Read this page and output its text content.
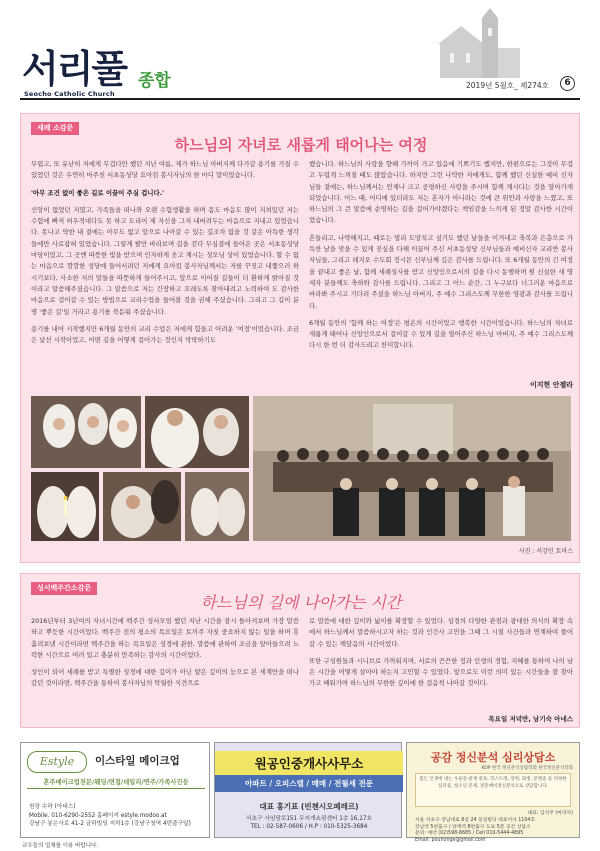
서리풀
Seocho Catholic Church
종합	2019년 5월호_ 제274호	6
세례 소감문
하느님의 자녀로 새롭게 태어나는 여정

무럽고, 또 유난히 저에게 무겁다만 했던 지난 여름, 제가 하느님 아버지께 다가갈 용기를 가질 수 있었던 것은 우연히 마주친 서초동성당 요아킴 봉사자님의 한 마디 말이었습니다.

'아무 조건 없이 좋은 길로 이끌어 주실 겁니다.'

신앙이 없었던 저였고, 가족들을 떠나와 오랜 수험생활을 하며 몸도 마음도 많이 지쳐있던 저는 수험에 빠져 허우적대다도 못 하고 도리어 제 자신을 그저 내버려두는 마음으로 지내고 있었습니다. 못나고 약한 내 곁에는 아무도 없고 앞으로 나아갈 수 있는 길조차 없을 것 같은 아득한 생각들에만 사로잡혀 있었습니다. 그렇게 팔만 바라보며 길을 걷다 무심결에 들어온 곳은 서초동성당 마당이었고, 그 곳엔 따뜻한 빛을 받으며 인자하게 웃고 계시는 성모님 상이 있었습니다. 할 수 없는 마음으로 깜깜한 성당에 들어서려던 저에게 요아킴 봉사자님께서는 저를 꾸짖고 내쫓으러 하시기보다, 사소한 저의 말들을 따뜻하게 들어주시고, 앞으로 이어질 길들이 더 환하게 밝아질 것이라고 말씀해주셨습니다. 그 말씀으로 저는 간장하고 오래도록 찾아내려고 노력하여 도 감사한 마음으로 걸어갈 수 있는 방법으로 교리수업을 들어볼 것을 권해 주셨습니다. 그리고 그 길이 분명 '좋은 길'일 거라고 용기를 북돋워 주셨습니다.

용기를 내어 시작했지만 6개월 동안의 교리 수업은 저에게 힘들고 어려운 '여정'이었습니다. 조금은 낯선 시작이었고, 어떤 길을 어떻게 걸어가는 것인지 막막하기도

했습니다. 하느님의 사랑을 향해 가까이 가고 있음에 기쁘기도 했지만, 한편으로는 그것이 무겁고 두렵게 느껴질 때도 많았습니다. 하지만 그런 나약한 저에게도, 함께 했던 신실한 예비 신자님들 곁에는, 하느님께서는 언제나 크고 공평하신 사랑을 주시며 함께 계시다는 것을 알아가게 되었습니다. 어느 때, 어디에 있더라도 저는 혼자가 아니라는 것에 큰 위안과 사랑을 느꼈고, 또 하느님의 그 큰 말씀에 순명하는 길을 걸어가야겠다는 책임감을 느끼게 된 정말 감사한 시간이었습니다.

흔들리고, 나약해지고, 때로는 멀리 도망치고 싶기도 했던 날들을 이겨내고 축복과 은총으로 가득찬 날을 맞을 수 있게 진심을 다해 이끌어 주신 서초동성당 신부님들과 예비신자 교리반 봉사자님들, 그리고 레지오 수도회 정시몬 신부님께 깊은 감사를 드립니다. 또 6개월 동안의 긴 여정을 끝내고 좋은 날, 함께 세례성사를 받고 신앙인으로서의 길을 다시 동행하며 원 신실한 새 영세자 분들께도 축하와 감사를 드립니다. 그리고 그 어느 순간, 그 누구보다 너그러운 마음으로 바라봐 주시고 기다려 주셨을 하느님 아버지, 주 예수 그리스도께 무한한 영광과 감사를 드립니다.

6개월 동안의 '함께 하는 여정'은 평온의 시간이었고 행복한 시간이었습니다. 하느님의 자녀로 새롭게 태어나 신앙인으로서 걸어갈 수 있게 길을 열어주신 하느님 아버지, 주 예수 그리스도께 다시 한 번 더 감사드리고 찬미합니다.

이지현 안젤라
사진 : 서감민 토마스
성서백주간소감문
하느님의 길에 나아가는 시간

2016년부터 3년여의 자녀시간에 백주간 성서모임 했던 지난 시간을 잠시 돌아켜보며 가장 말씀하고 뿌듯한 시간이었다. 백주간 전의 평소의 목요일은 토끼주 자칫 중요하지 않는 일을 하며 휴 흘려보낸 시간이라면 백주간을 하는 목요일은 성경에 관한, 말씀에 관하여 조금을 알아들으려 노력한 시간으로 여러 있고 충분히 만족하는 감사의 시간이었다.

성인이 되어 세례를 받고 특별한 성경에 대한 깊이가 아닌 얕은 깊이의 눈으로 본 세계만을 떠나 갔던 것이라면, 백주간을 통하여 봉사자님의 탁월한 식견으로

로 말씀에 대한 깊이와 넓이를 확장할 수 있었다. 성경의 다양한 관점과 광대한 의식의 확장 속에서 하느님께서 말씀하시고자 하는 것과 인간사 고민을 그때 그 시절 사건들과 연계하여 풀어갈 수 있는 깨달음의 시간이었다.

또한 구성원들과 시니브로 가까워지며, 서로의 끈끈한 정과 인생의 경험, 지혜를 통하여 나의 남은 시간을 어떻게 살아야 하는지 고민할 수 있었다. 앞으로도 이런 의미 있는 시간들을 잘 찾아가고 배워가며 하느님의 무한한 깊이에 한 걸음씩 나아갈 것이다.

목요일 저녁반, 남기숙 아네스
Estyle	이스타일 메이크업
혼주메이크업전문/웨딩/면접/데일리/연주/가족사진등
원장 수하 (아네스)
Mobile. 010-6290-2552 홈페이지 estyle.modoo.at
강남구 봉은사로 41-2 금하빌딩 지하1층 (강남구청역 4번출구앞)
원공인중개사사무소
아파트 / 오피스텔 / 매매 / 전월세 전문
대표 홍기표 (빈첸시오페레르)
서초구 사임당로151 무지개쇼핑센터 1층 16,17호
TEL : 02-587-0606 / H.P : 010-5325-3684
공감 정신분석 심리상담소
KOP 한국 정신분석상담학회 한국정신분석학회
힘든 인생에 대는 우울증·관계 중독, 학스트레, 강박, 화병, 문행증 등 다양한 심리증, 청소년 문제, 결혼예비정신분석으로 상담합니다.
대표: 김석주 (마리아)
서울 서초구 강남대로 8길 24 동일빌딩 대표이사 1104호
강남역 5번출구 / 양재역 8번출구 도보 5분 공간 상담소
문의: 예약 (02)598-8685 / Cell 010-5444-4895
Email: pouhonge@gmail.com
교우들의 업체를 이용 바랍니다.
